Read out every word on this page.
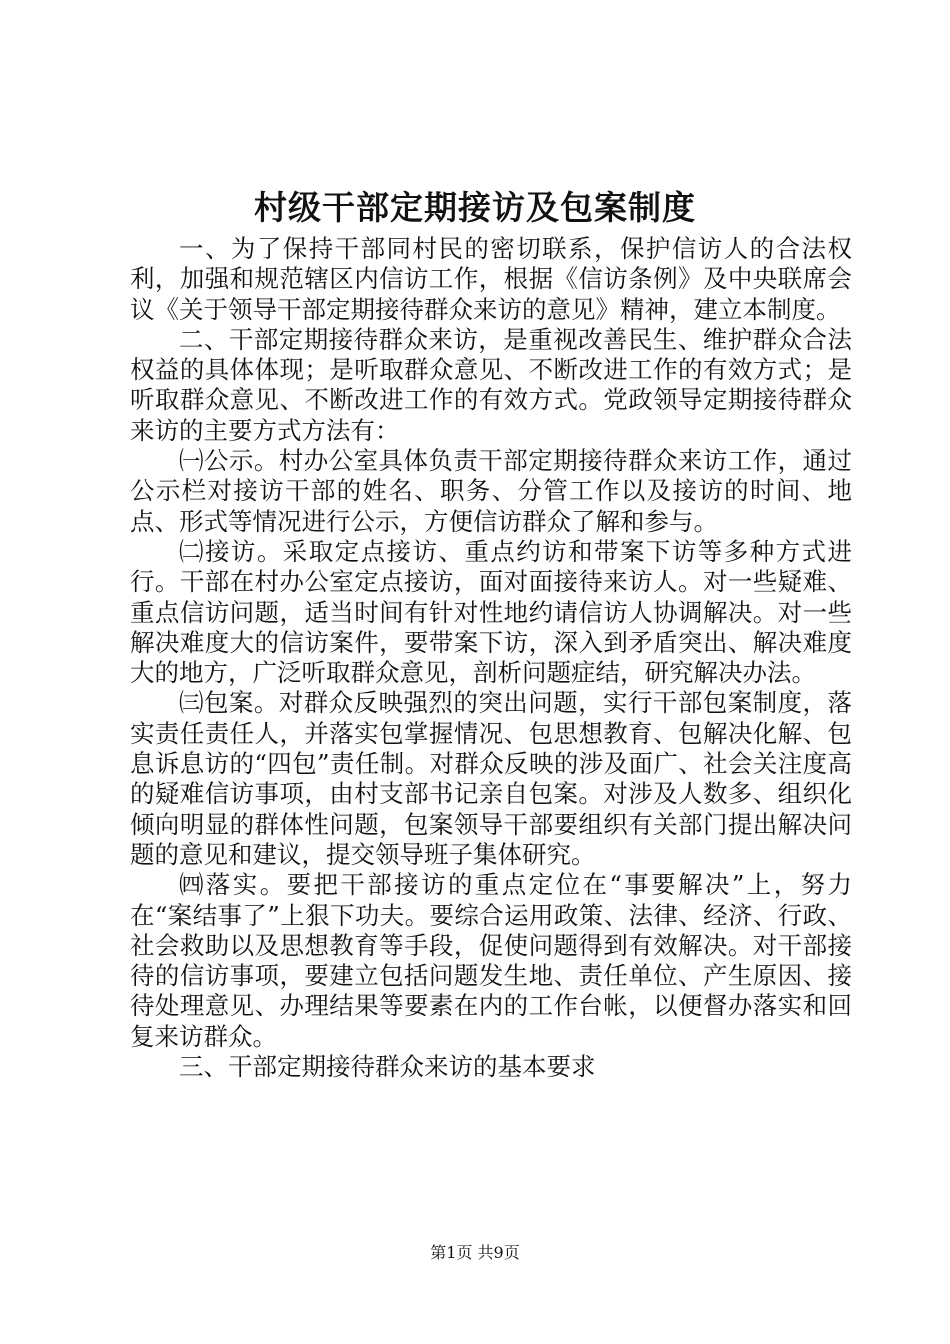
村级干部定期接访及包案制度

一、为了保持干部同村民的密切联系，保护信访人的合法权利，加强和规范辖区内信访工作，根据《信访条例》及中央联席会议《关于领导干部定期接待群众来访的意见》精神，建立本制度。

二、干部定期接待群众来访，是重视改善民生、维护群众合法权益的具体体现；是听取群众意见、不断改进工作的有效方式；是听取群众意见、不断改进工作的有效方式。党政领导定期接待群众来访的主要方式方法有：

㈠公示。村办公室具体负责干部定期接待群众来访工作，通过公示栏对接访干部的姓名、职务、分管工作以及接访的时间、地点、形式等情况进行公示，方便信访群众了解和参与。

㈡接访。采取定点接访、重点约访和带案下访等多种方式进行。干部在村办公室定点接访，面对面接待来访人。对一些疑难、重点信访问题，适当时间有针对性地约请信访人协调解决。对一些解决难度大的信访案件，要带案下访，深入到矛盾突出、解决难度大的地方，广泛听取群众意见，剖析问题症结，研究解决办法。

㈢包案。对群众反映强烈的突出问题，实行干部包案制度，落实责任责任人，并落实包掌握情况、包思想教育、包解决化解、包息诉息访的“四包”责任制。对群众反映的涉及面广、社会关注度高的疑难信访事项，由村支部书记亲自包案。对涉及人数多、组织化倾向明显的群体性问题，包案领导干部要组织有关部门提出解决问题的意见和建议，提交领导班子集体研究。

㈣落实。要把干部接访的重点定位在“事要解决”上，努力在“案结事了”上狠下功夫。要综合运用政策、法律、经济、行政、社会救助以及思想教育等手段，促使问题得到有效解决。对干部接待的信访事项，要建立包括问题发生地、责任单位、产生原因、接待处理意见、办理结果等要素在内的工作台帐，以便督办落实和回复来访群众。

三、干部定期接待群众来访的基本要求

第1页 共9页
